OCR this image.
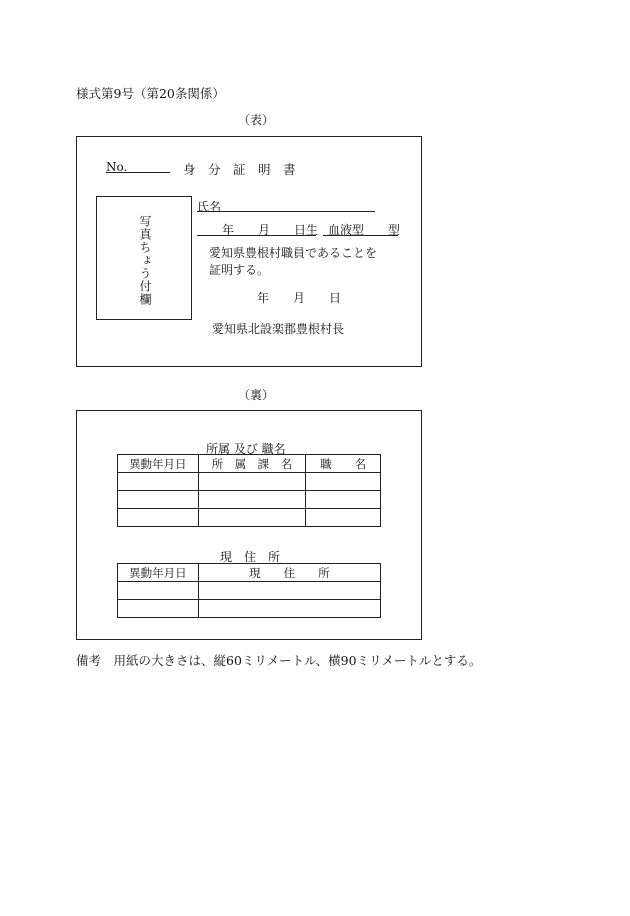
様式第9号（第20条関係）
（表）
No.	身　分　証　明　書
写真ちょう付欄
氏名
年　　月　　日生 血液型 型
愛知県豊根村職員であることを
証明する。
年　　月　　日
愛知県北設楽郡豊根村長
（裏）
所属 及び 職名
異動年月日	所　属　課　名	職　　名

現　住　所
異動年月日	現　　住　　所

備考　用紙の大きさは、縦60ミリメートル、横90ミリメートルとする。
